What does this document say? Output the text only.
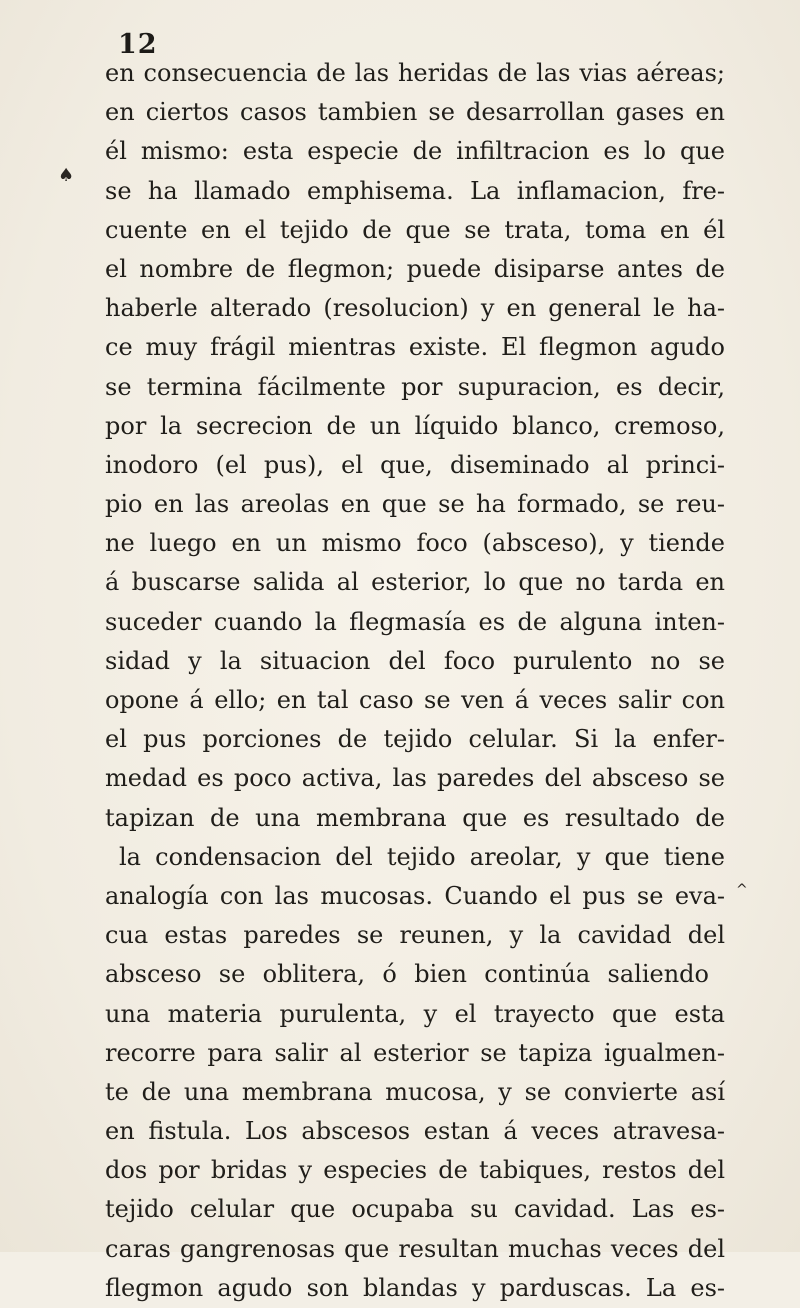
12
♠
^
en consecuencia de las heridas de las vias aéreas;
en ciertos casos tambien se desarrollan gases en
él mismo: esta especie de infiltracion es lo que
se ha llamado emphisema. La inflamacion, fre-
cuente en el tejido de que se trata, toma en él
el nombre de flegmon; puede disiparse antes de
haberle alterado (resolucion) y en general le ha-
ce muy frágil mientras existe. El flegmon agudo
se termina fácilmente por supuracion, es decir,
por la secrecion de un líquido blanco, cremoso,
inodoro (el pus), el que, diseminado al princi-
pio en las areolas en que se ha formado, se reu-
ne luego en un mismo foco (absceso), y tiende
á buscarse salida al esterior, lo que no tarda en
suceder cuando la flegmasía es de alguna inten-
sidad y la situacion del foco purulento no se
opone á ello; en tal caso se ven á veces salir con
el pus porciones de tejido celular. Si la enfer-
medad es poco activa, las paredes del absceso se
tapizan de una membrana que es resultado de
la condensacion del tejido areolar, y que tiene
analogía con las mucosas. Cuando el pus se eva-
cua estas paredes se reunen, y la cavidad del
absceso se oblitera, ó bien continúa saliendo
una materia purulenta, y el trayecto que esta
recorre para salir al esterior se tapiza igualmen-
te de una membrana mucosa, y se convierte así
en fistula. Los abscesos estan á veces atravesa-
dos por bridas y especies de tabiques, restos del
tejido celular que ocupaba su cavidad. Las es-
caras gangrenosas que resultan muchas veces del
flegmon agudo son blandas y parduscas. La es-
